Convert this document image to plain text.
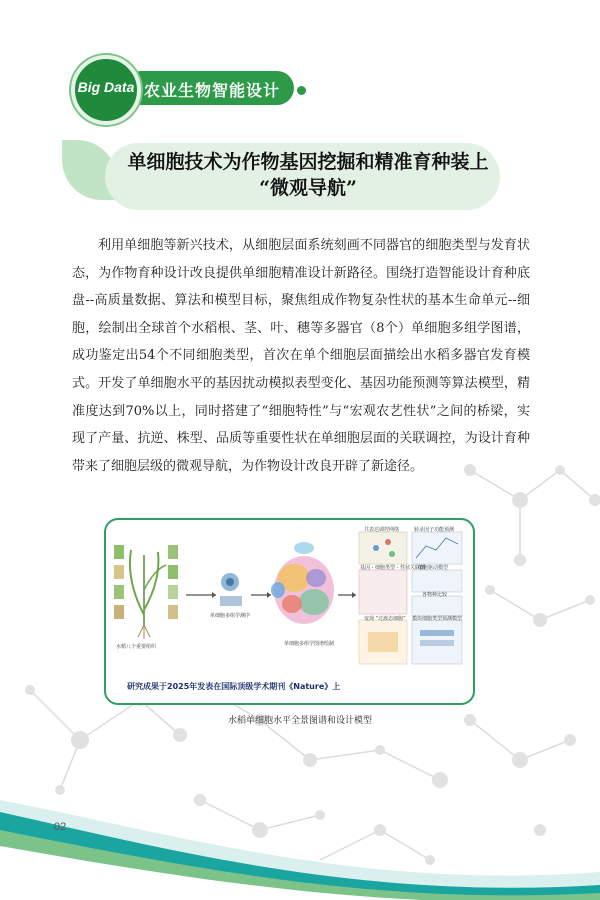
农业生物智能设计
Big Data
单细胞技术为作物基因挖掘和精准育种装上
“微观导航”

利用单细胞等新兴技术，从细胞层面系统刻画不同器官的细胞类型与发育状态，为作物育种设计改良提供单细胞精准设计新路径。围绕打造智能设计育种底盘--高质量数据、算法和模型目标，聚焦组成作物复杂性状的基本生命单元--细胞，绘制出全球首个水稻根、茎、叶、穗等多器官（8个）单细胞多组学图谱，成功鉴定出54个不同细胞类型，首次在单个细胞层面描绘出水稻多器官发育模式。开发了单细胞水平的基因扰动模拟表型变化、基因功能预测等算法模型，精准度达到70%以上，同时搭建了“细胞特性”与“宏观农艺性状”之间的桥梁，实现了产量、抗逆、株型、品质等重要性状在单细胞层面的关联调控，为设计育种带来了细胞层级的微观导航，为作物设计改良开辟了新途径。

水稻八个重要组织
单细胞多组学测序
单细胞多组学图谱绘制
共表达调控网络	转录因子功能预测
基因 - 细胞类型 - 性状关联图
细胞驱动模型
各物种比较
变现 “过渡态细胞” 模块细胞类型预测模型
研究成果于2025年发表在国际顶级学术期刊《Nature》上
水稻单细胞水平全景图谱和设计模型
02
